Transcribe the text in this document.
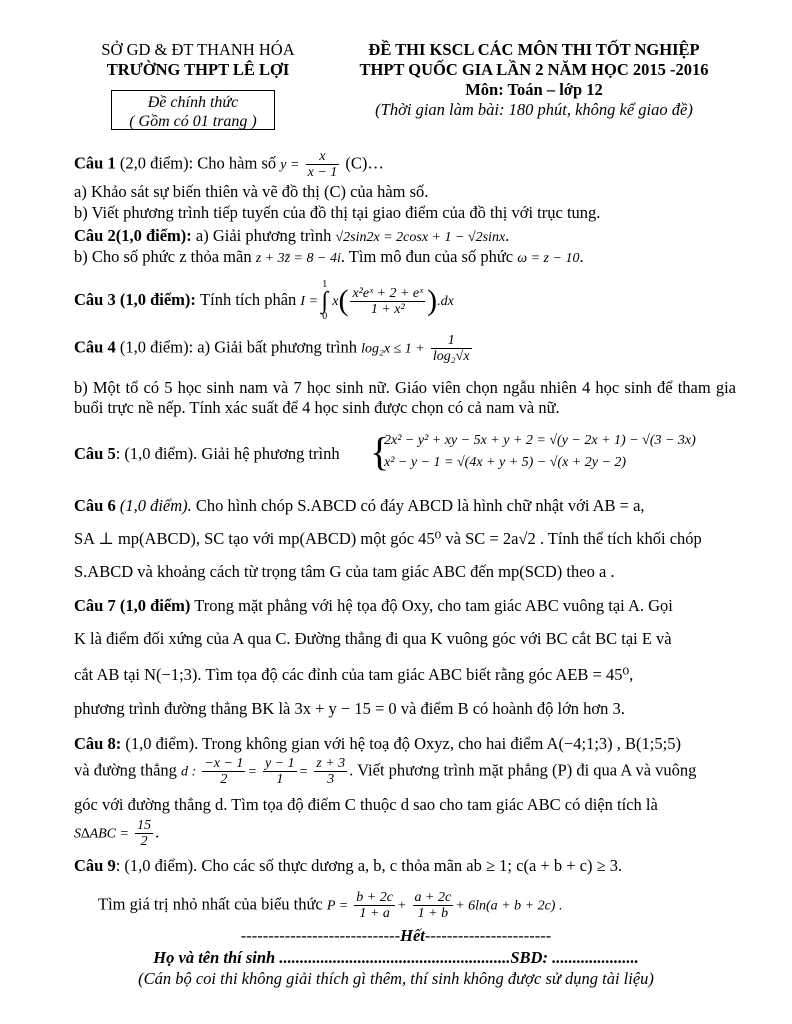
SỞ GD & ĐT THANH HÓA
TRƯỜNG THPT LÊ LỢI
Đề chính thức
( Gồm có 01 trang )
ĐỀ THI KSCL CÁC MÔN THI TỐT NGHIỆP
THPT QUỐC GIA LẦN 2 NĂM HỌC 2015 -2016
Môn: Toán – lớp 12
(Thời gian làm bài: 180 phút, không kể giao đề)
Câu 1 (2,0 điểm): Cho hàm số $y = \frac{x}{x - 1}$ (C)…
a) Khảo sát sự biến thiên và vẽ đồ thị (C) của hàm số.
b) Viết phương trình tiếp tuyến của đồ thị tại giao điểm của đồ thị với trục tung.
Câu 2(1,0 điểm): a) Giải phương trình √2sin2x = 2cosx + 1 − √2sinx.
b) Cho số phức z thỏa mãn z + 3z̄ = 8 − 4i. Tìm mô đun của số phức ω = z − 10.
Câu 3 (1,0 điểm): Tính tích phân I =
1
∫
0
$x( \frac{\text{x²eˣ + 2 + eˣ}}{\text{1 + x²}} ).dx$
Câu 4 (1,0 điểm): a) Giải bất phương trình $\log_2x \le 1 + \frac{1}{\text{log₂√x}}$
b) Một tổ có 5 học sinh nam và 7 học sinh nữ. Giáo viên chọn ngẫu nhiên 4 học sinh để tham gia buổi trực nề nếp. Tính xác suất để 4 học sinh được chọn có cả nam và nữ.
Câu 5: (1,0 điểm). Giải hệ phương trình {
2x² − y² + xy − 5x + y + 2 = √(y − 2x + 1) − √(3 − 3x)
x² − y − 1 = √(4x + y + 5) − √(x + 2y − 2)
Câu 6 (1,0 điểm). Cho hình chóp S.ABCD có đáy ABCD là hình chữ nhật với AB = a,
SA ⊥ mp(ABCD), SC tạo với mp(ABCD) một góc 45⁰ và SC = 2a√2 . Tính thể tích khối chóp
S.ABCD và khoảng cách từ trọng tâm G của tam giác ABC đến mp(SCD) theo a .
Câu 7 (1,0 điểm) Trong mặt phẳng với hệ tọa độ Oxy, cho tam giác ABC vuông tại A. Gọi
K là điểm đối xứng của A qua C. Đường thẳng đi qua K vuông góc với BC cắt BC tại E và
cắt AB tại N(−1;3). Tìm tọa độ các đỉnh của tam giác ABC biết rằng góc AEB = 45⁰,
phương trình đường thẳng BK là 3x + y − 15 = 0 và điểm B có hoành độ lớn hơn 3.
Câu 8: (1,0 điểm). Trong không gian với hệ toạ độ Oxyz, cho hai điểm A(−4;1;3) , B(1;5;5)
và đường thẳng d : $\frac{-x - 1}{2} = \frac{y - 1}{1} = \frac{z + 3}{3}$ . Viết phương trình mặt phẳng (P) đi qua A và vuông
góc với đường thẳng d. Tìm tọa độ điểm C thuộc d sao cho tam giác ABC có diện tích là
$S\Delta ABC = \frac{15}{2}$ .
Câu 9: (1,0 điểm). Cho các số thực dương a, b, c thỏa mãn ab ≥ 1; c(a + b + c) ≥ 3.
Tìm giá trị nhỏ nhất của biểu thức $P = \frac{b + 2c}{1 + a} + \frac{a + 2c}{1 + b} + 6\ln(a + b + 2c)$ .
-----------------------------Hết-----------------------
Họ và tên thí sinh ........................................................SBD: .....................
(Cán bộ coi thi không giải thích gì thêm, thí sinh không được sử dụng tài liệu)
